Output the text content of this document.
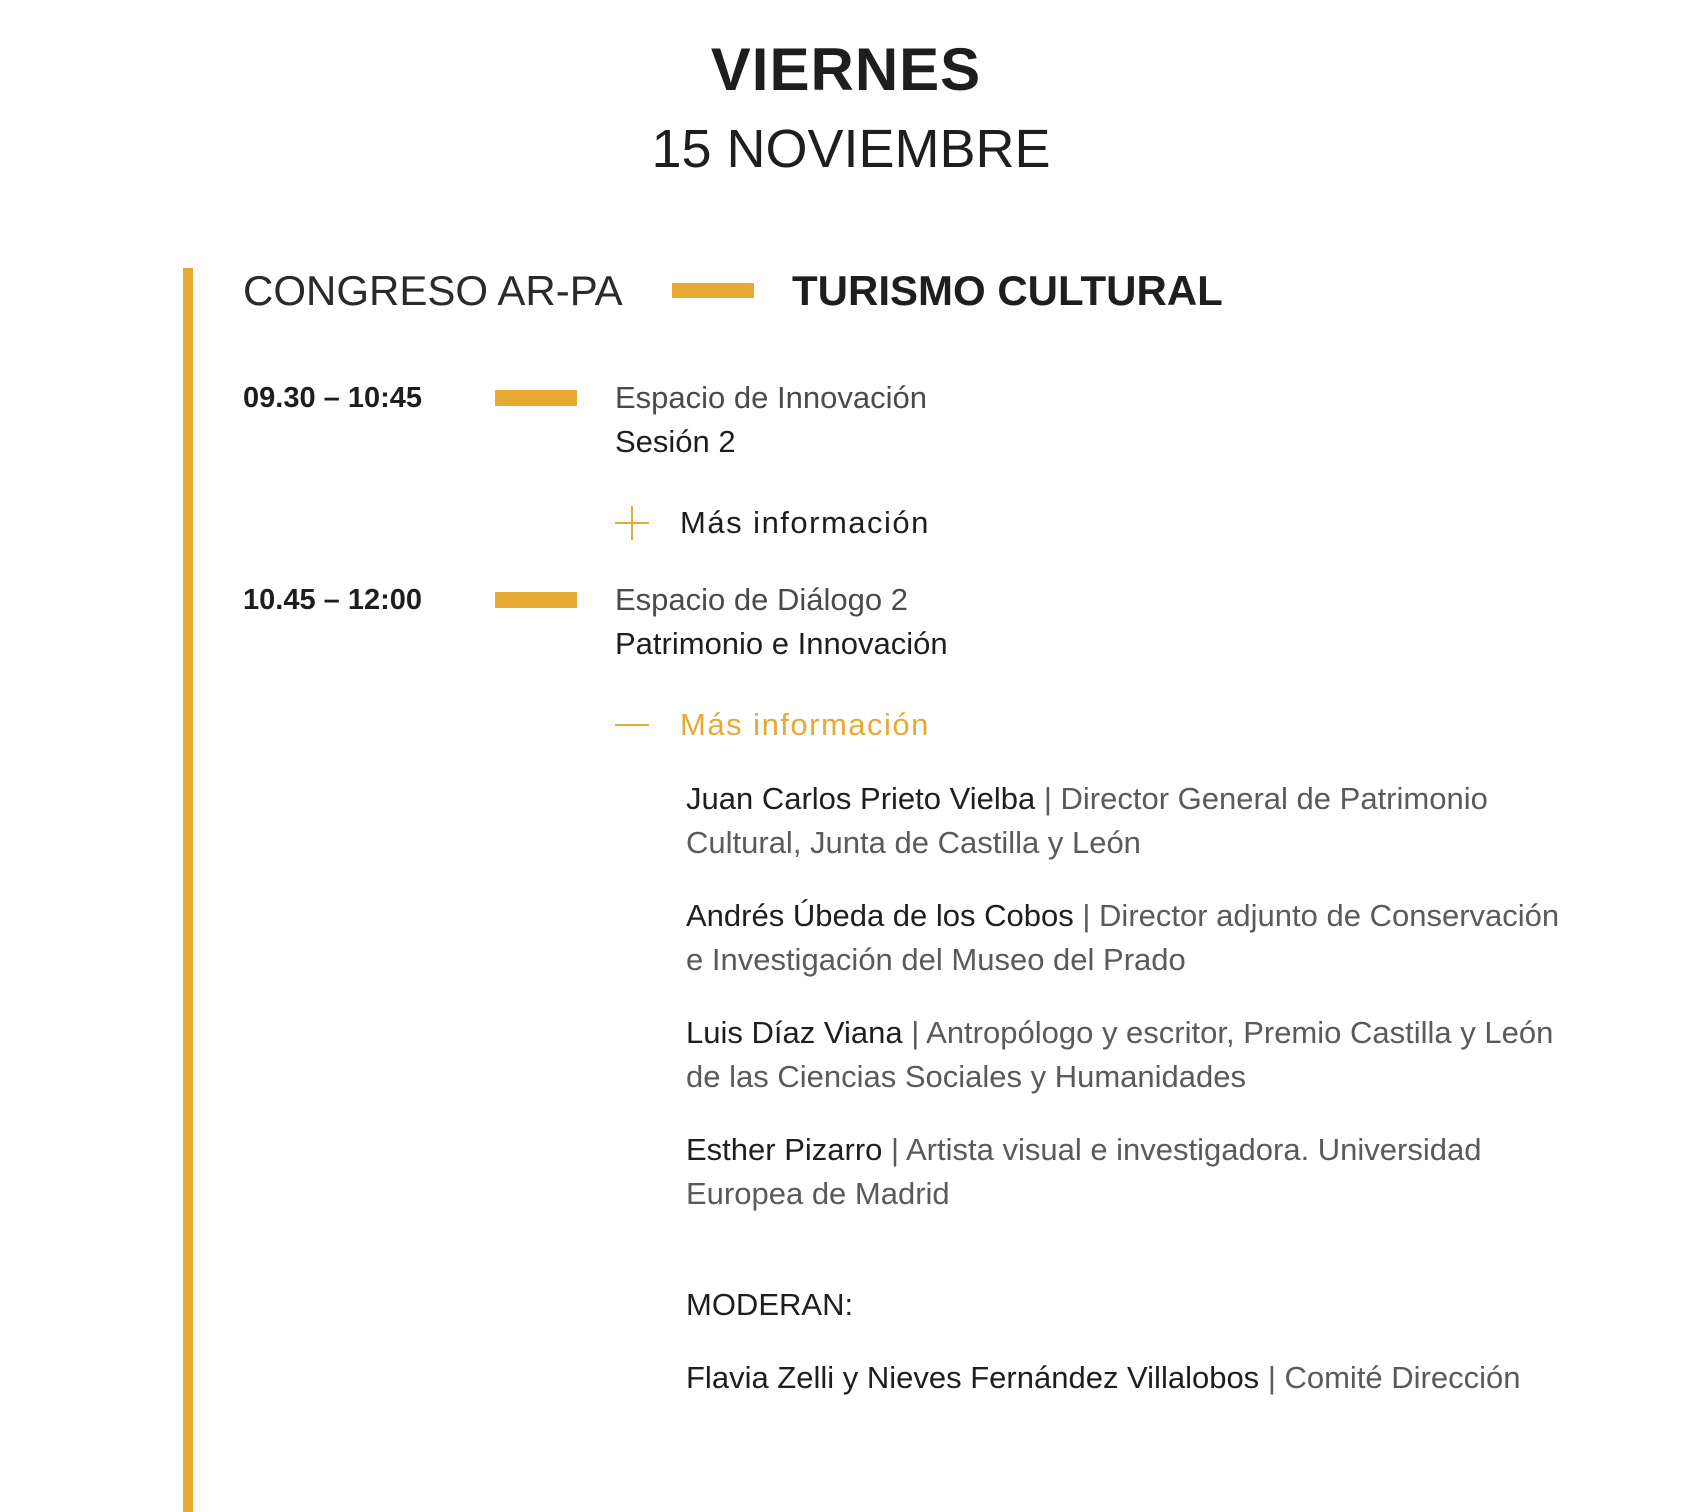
VIERNES
15 NOVIEMBRE
CONGRESO AR-PA	TURISMO CULTURAL
09.30 – 10:45	Espacio de Innovación
Sesión 2
Más información
10.45 – 12:00	Espacio de Diálogo 2
Patrimonio e Innovación
Más información

Juan Carlos Prieto Vielba | Director General de Patrimonio Cultural, Junta de Castilla y León

Andrés Úbeda de los Cobos | Director adjunto de Conservación e Investigación del Museo del Prado

Luis Díaz Viana | Antropólogo y escritor, Premio Castilla y León de las Ciencias Sociales y Humanidades

Esther Pizarro | Artista visual e investigadora. Universidad Europea de Madrid

MODERAN:

Flavia Zelli y Nieves Fernández Villalobos | Comité Dirección
